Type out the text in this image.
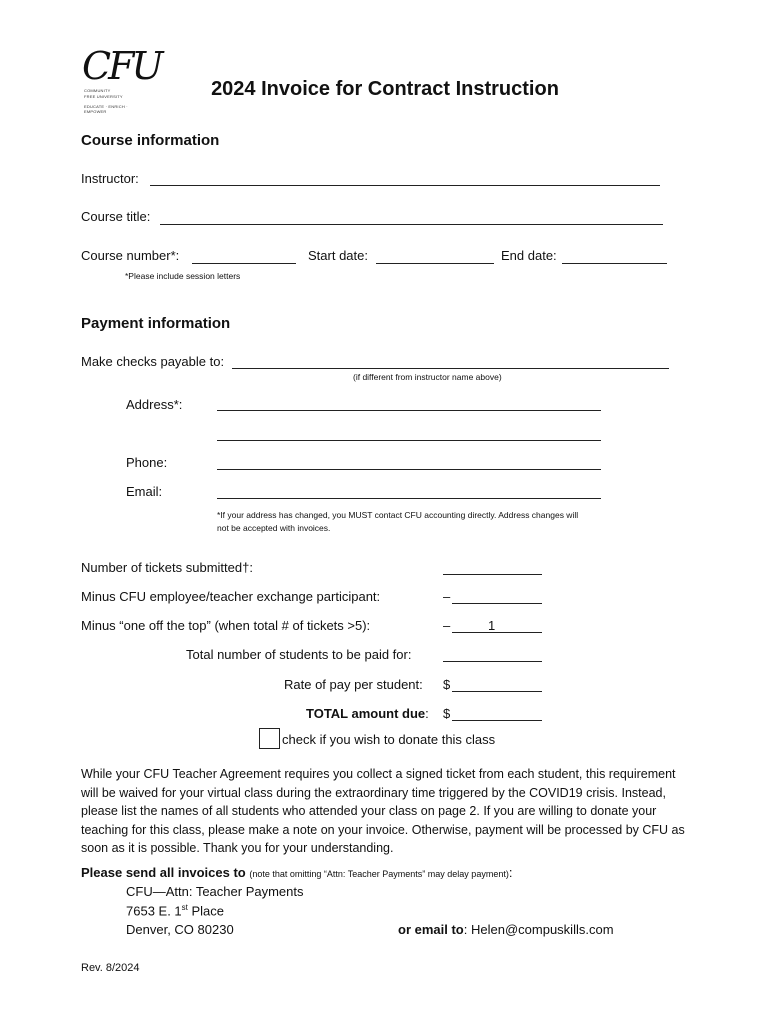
CFU
COMMUNITY
FREE UNIVERSITY
EDUCATE · ENRICH · EMPOWER
2024 Invoice for Contract Instruction
Course information
Instructor:
Course title:
Course number*:	Start date:	End date:
*Please include session letters
Payment information
Make checks payable to:
(if different from instructor name above)
Address*:
Phone:
Email:
*If your address has changed, you MUST contact CFU accounting directly. Address changes will
not be accepted with invoices.
Number of tickets submitted†:
Minus CFU employee/teacher exchange participant:	–
Minus “one off the top” (when total # of tickets >5):	–	1
Total number of students to be paid for:
Rate of pay per student: $
TOTAL amount due: $
check if you wish to donate this class
While your CFU Teacher Agreement requires you collect a signed ticket from each student, this requirement will be waived for your virtual class during the extraordinary time triggered by the COVID19 crisis. Instead, please list the names of all students who attended your class on page 2. If you are willing to donate your teaching for this class, please make a note on your invoice. Otherwise, payment will be processed by CFU as soon as it is possible. Thank you for your understanding.
Please send all invoices to (note that omitting “Attn: Teacher Payments” may delay payment):
CFU—Attn: Teacher Payments
7653 E. 1st Place
Denver, CO 80230	or email to: Helen@compuskills.com
Rev. 8/2024
